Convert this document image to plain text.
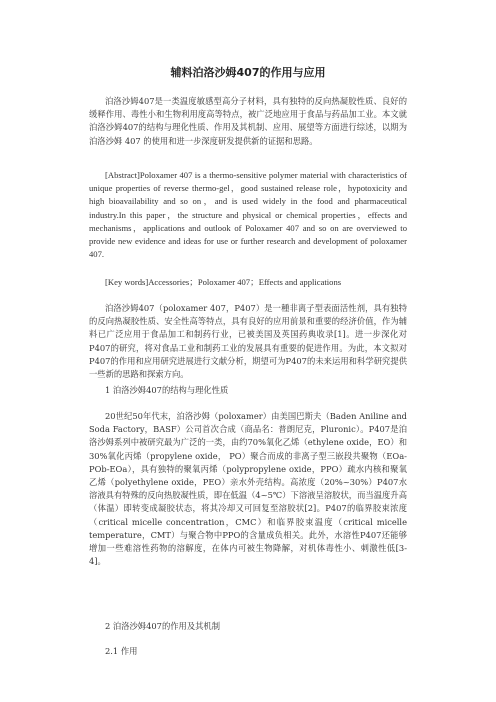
辅料泊洛沙姆407的作用与应用

泊洛沙姆407是一类温度敏感型高分子材料，具有独特的反向热凝胶性质、良好的缓释作用、毒性小和生物利用度高等特点，被广泛地应用于食品与药品加工业。本文就泊洛沙姆407的结构与理化性质、作用及其机制、应用、展望等方面进行综述，以期为泊洛沙姆 407 的使用和进一步深度研发提供新的证据和思路。

[Abstract]Poloxamer 407 is a thermo-sensitive polymer material with characteristics of unique properties of reverse thermo-gel，good sustained release role，hypotoxicity and high bioavailability and so on，and is used widely in the food and pharmaceutical industry.In this paper，the structure and physical or chemical properties，effects and mechanisms，applications and outlook of Poloxamer 407 and so on are overviewed to provide new evidence and ideas for use or further research and development of poloxamer 407.

[Key words]Accessories；Poloxamer 407；Effects and applications

泊洛沙姆407（poloxamer 407，P407）是一種非离子型表面活性剂，具有独特的反向热凝胶性质、安全性高等特点，具有良好的应用前景和重要的经济价值，作为辅料已广泛应用于食品加工和制药行业，已被美国及英国药典收录[1]。进一步深化对P407的研究，将对食品工业和制药工业的发展具有重要的促进作用。为此，本文拟对P407的作用和应用研究进展进行文献分析，期望可为P407的未来运用和科学研究提供一些新的思路和探索方向。

1 泊洛沙姆407的结构与理化性质

20世纪50年代末，泊洛沙姆（poloxamer）由美国巴斯夫（Baden Aniline and Soda Factory，BASF）公司首次合成（商品名：普朗尼克，Pluronic）。P407是泊洛沙姆系列中被研究最为广泛的一类，由约70%氧化乙烯（ethylene oxide，EO）和 30%氧化丙烯（propylene oxide， PO）聚合而成的非离子型三嵌段共聚物（EOa-POb-EOa），具有独特的聚氧丙烯（polypropylene oxide，PPO）疏水内核和聚氧乙烯（polyethylene oxide，PEO）亲水外壳结构。高浓度（20%~30%）P407水溶液具有特殊的反向热胶凝性质，即在低温（4~5℃）下溶液呈溶胶状，而当温度升高（体温）即转变成凝胶状态，将其冷却又可回复至溶胶状[2]。P407的临界胶束浓度（critical micelle concentration，CMC）和临界胶束温度（critical micelle temperature，CMT）与聚合物中PPO的含量成负相关。此外，水溶性P407还能够增加一些难溶性药物的溶解度，在体内可被生物降解，对机体毒性小、刺激性低[3-4]。

2 泊洛沙姆407的作用及其机制

2.1 作用
